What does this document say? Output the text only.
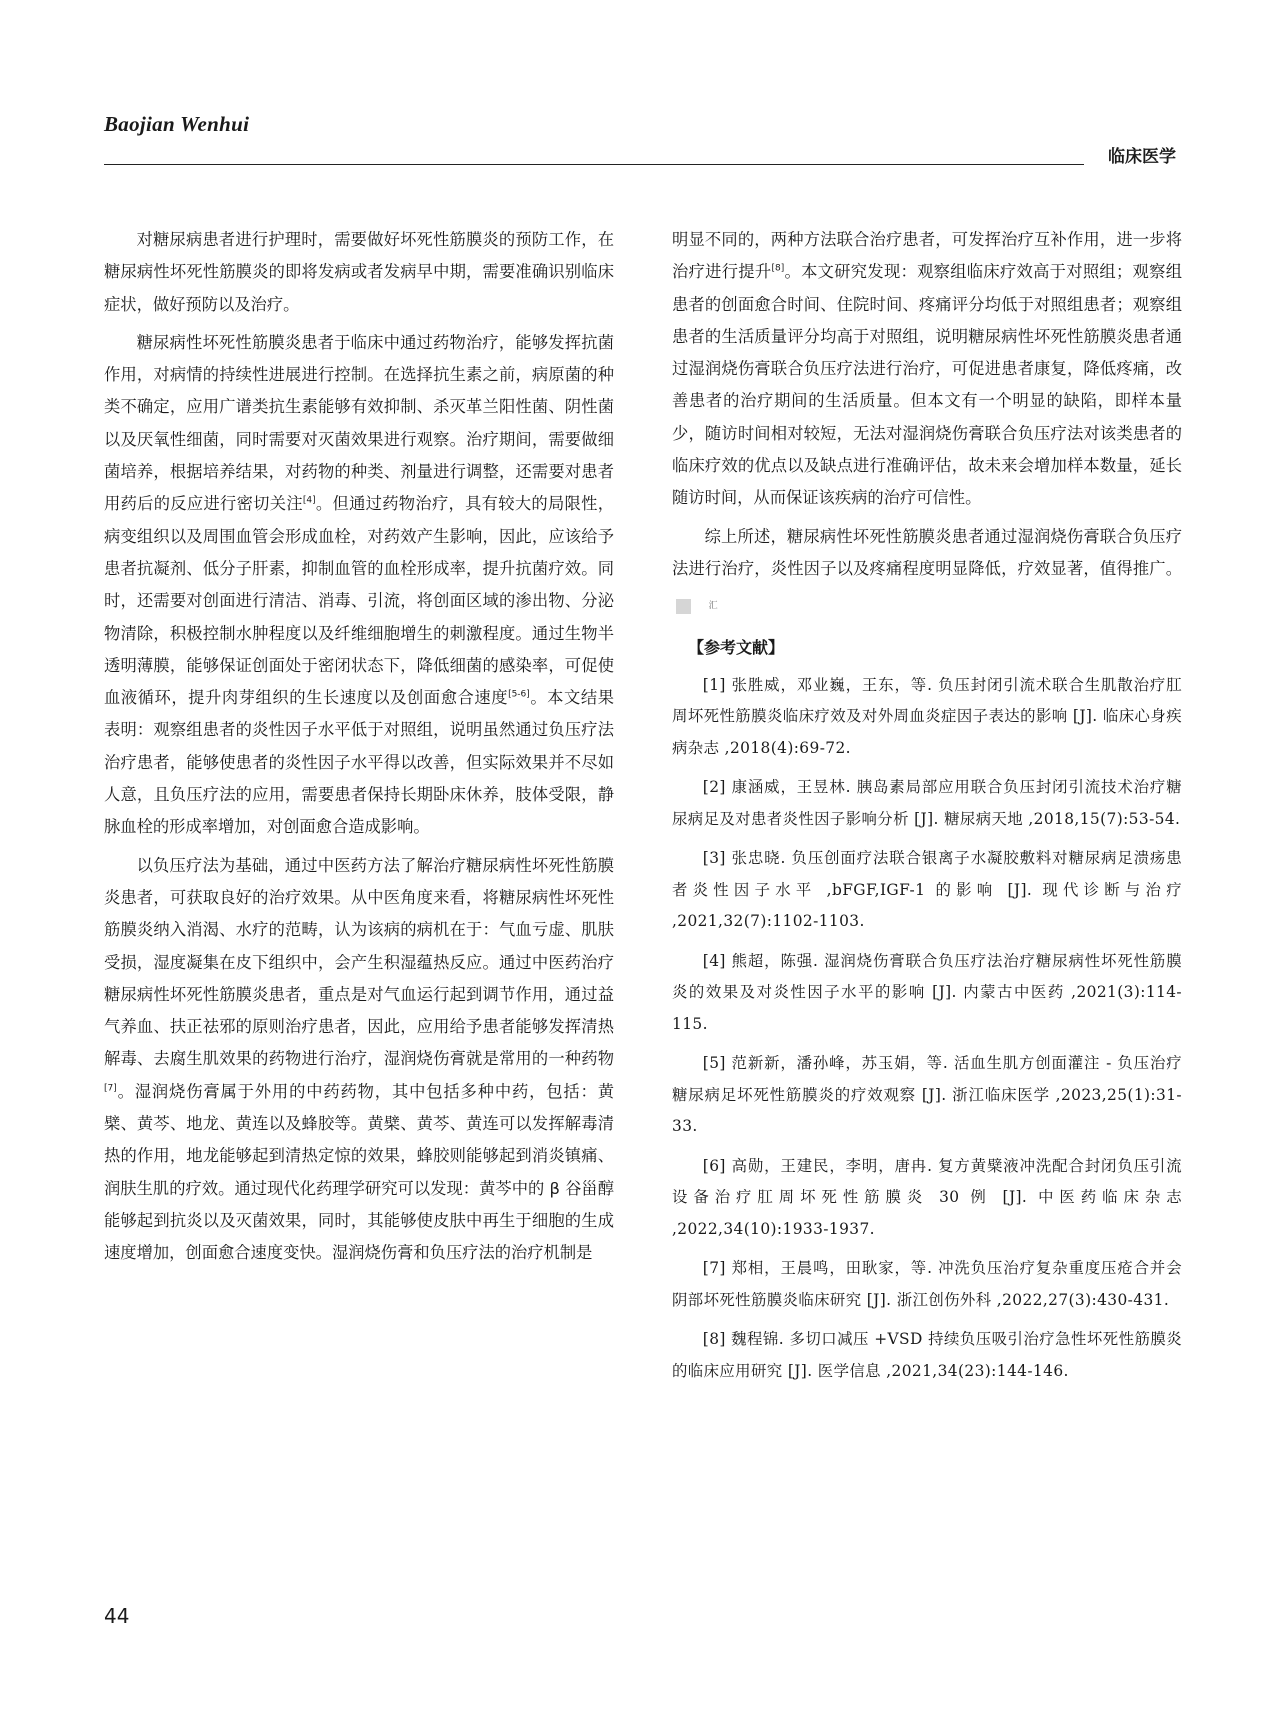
Baojian Wenhui
临床医学

对糖尿病患者进行护理时，需要做好坏死性筋膜炎的预防工作，在糖尿病性坏死性筋膜炎的即将发病或者发病早中期，需要准确识别临床症状，做好预防以及治疗。

糖尿病性坏死性筋膜炎患者于临床中通过药物治疗，能够发挥抗菌作用，对病情的持续性进展进行控制。在选择抗生素之前，病原菌的种类不确定，应用广谱类抗生素能够有效抑制、杀灭革兰阳性菌、阴性菌以及厌氧性细菌，同时需要对灭菌效果进行观察。治疗期间，需要做细菌培养，根据培养结果，对药物的种类、剂量进行调整，还需要对患者用药后的反应进行密切关注[4]。但通过药物治疗，具有较大的局限性，病变组织以及周围血管会形成血栓，对药效产生影响，因此，应该给予患者抗凝剂、低分子肝素，抑制血管的血栓形成率，提升抗菌疗效。同时，还需要对创面进行清洁、消毒、引流，将创面区域的渗出物、分泌物清除，积极控制水肿程度以及纤维细胞增生的刺激程度。通过生物半透明薄膜，能够保证创面处于密闭状态下，降低细菌的感染率，可促使血液循环，提升肉芽组织的生长速度以及创面愈合速度[5-6]。本文结果表明：观察组患者的炎性因子水平低于对照组，说明虽然通过负压疗法治疗患者，能够使患者的炎性因子水平得以改善，但实际效果并不尽如人意，且负压疗法的应用，需要患者保持长期卧床休养，肢体受限，静脉血栓的形成率增加，对创面愈合造成影响。

以负压疗法为基础，通过中医药方法了解治疗糖尿病性坏死性筋膜炎患者，可获取良好的治疗效果。从中医角度来看，将糖尿病性坏死性筋膜炎纳入消渴、水疗的范畴，认为该病的病机在于：气血亏虚、肌肤受损，湿度凝集在皮下组织中，会产生积湿蕴热反应。通过中医药治疗糖尿病性坏死性筋膜炎患者，重点是对气血运行起到调节作用，通过益气养血、扶正祛邪的原则治疗患者，因此，应用给予患者能够发挥清热解毒、去腐生肌效果的药物进行治疗，湿润烧伤膏就是常用的一种药物[7]。湿润烧伤膏属于外用的中药药物，其中包括多种中药，包括：黄檗、黄芩、地龙、黄连以及蜂胶等。黄檗、黄芩、黄连可以发挥解毒清热的作用，地龙能够起到清热定惊的效果，蜂胶则能够起到消炎镇痛、润肤生肌的疗效。通过现代化药理学研究可以发现：黄芩中的 β 谷甾醇能够起到抗炎以及灭菌效果，同时，其能够使皮肤中再生于细胞的生成速度增加，创面愈合速度变快。湿润烧伤膏和负压疗法的治疗机制是

明显不同的，两种方法联合治疗患者，可发挥治疗互补作用，进一步将治疗进行提升[8]。本文研究发现：观察组临床疗效高于对照组；观察组患者的创面愈合时间、住院时间、疼痛评分均低于对照组患者；观察组患者的生活质量评分均高于对照组，说明糖尿病性坏死性筋膜炎患者通过湿润烧伤膏联合负压疗法进行治疗，可促进患者康复，降低疼痛，改善患者的治疗期间的生活质量。但本文有一个明显的缺陷，即样本量少，随访时间相对较短，无法对湿润烧伤膏联合负压疗法对该类患者的临床疗效的优点以及缺点进行准确评估，故未来会增加样本数量，延长随访时间，从而保证该疾病的治疗可信性。

综上所述，糖尿病性坏死性筋膜炎患者通过湿润烧伤膏联合负压疗法进行治疗，炎性因子以及疼痛程度明显降低，疗效显著，值得推广。汇

【参考文献】

[1] 张胜威，邓业巍，王东，等. 负压封闭引流术联合生肌散治疗肛周坏死性筋膜炎临床疗效及对外周血炎症因子表达的影响 [J]. 临床心身疾病杂志 ,2018(4):69-72.

[2] 康涵威，王昱林. 胰岛素局部应用联合负压封闭引流技术治疗糖尿病足及对患者炎性因子影响分析 [J]. 糖尿病天地 ,2018,15(7):53-54.

[3] 张忠晓. 负压创面疗法联合银离子水凝胶敷料对糖尿病足溃疡患者炎性因子水平 ,bFGF,IGF-1 的影响 [J]. 现代诊断与治疗 ,2021,32(7):1102-1103.

[4] 熊超，陈强. 湿润烧伤膏联合负压疗法治疗糖尿病性坏死性筋膜炎的效果及对炎性因子水平的影响 [J]. 内蒙古中医药 ,2021(3):114-115.

[5] 范新新，潘孙峰，苏玉娟，等. 活血生肌方创面灌注 - 负压治疗糖尿病足坏死性筋膜炎的疗效观察 [J]. 浙江临床医学 ,2023,25(1):31-33.

[6] 高勋，王建民，李明，唐冉. 复方黄檗液冲洗配合封闭负压引流设备治疗肛周坏死性筋膜炎 30 例 [J]. 中医药临床杂志 ,2022,34(10):1933-1937.

[7] 郑相，王晨鸣，田耿家，等. 冲洗负压治疗复杂重度压疮合并会阴部坏死性筋膜炎临床研究 [J]. 浙江创伤外科 ,2022,27(3):430-431.

[8] 魏程锦. 多切口减压 +VSD 持续负压吸引治疗急性坏死性筋膜炎的临床应用研究 [J]. 医学信息 ,2021,34(23):144-146.

44
